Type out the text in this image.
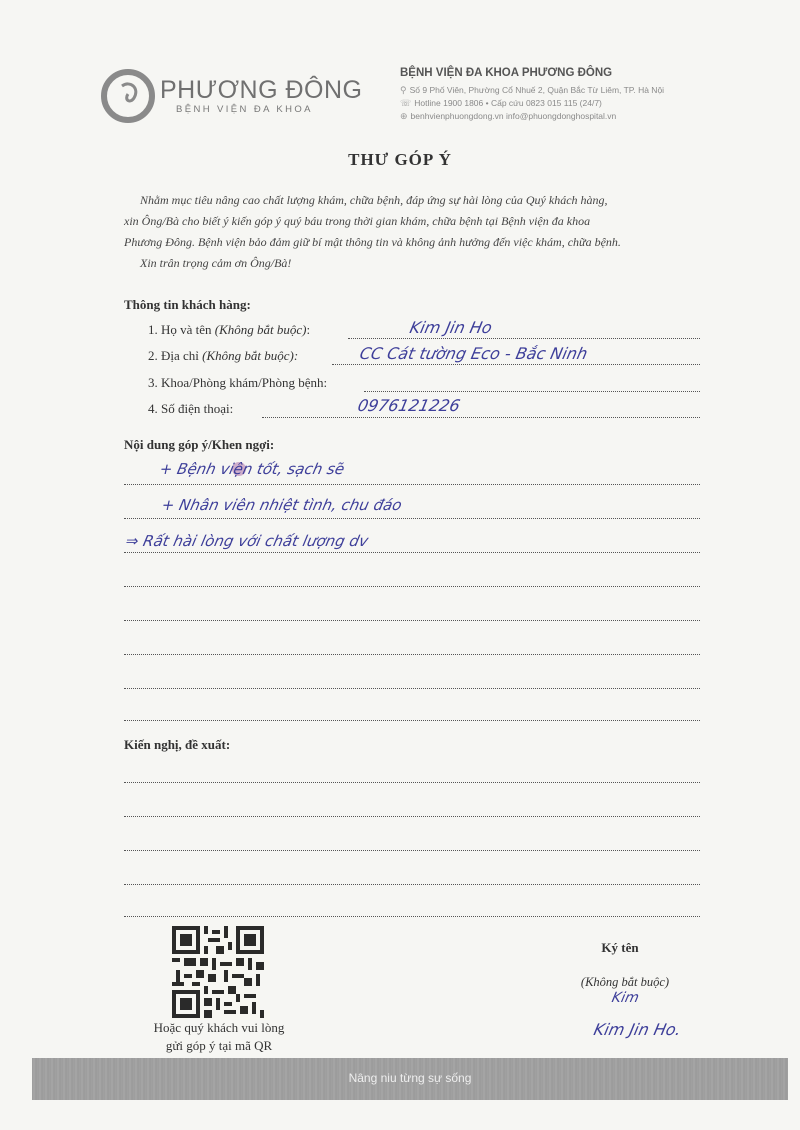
PHƯƠNG ĐÔNG
BỆNH VIỆN ĐA KHOA
BỆNH VIỆN ĐA KHOA PHƯƠNG ĐÔNG
⚲ Số 9 Phố Viên, Phường Cổ Nhuế 2, Quận Bắc Từ Liêm, TP. Hà Nội
☏ Hotline 1900 1806 • Cấp cứu 0823 015 115 (24/7)
⊕ benhvienphuongdong.vn info@phuongdonghospital.vn
THƯ GÓP Ý
Nhằm mục tiêu nâng cao chất lượng khám, chữa bệnh, đáp ứng sự hài lòng của Quý khách hàng,
xin Ông/Bà cho biết ý kiến góp ý quý báu trong thời gian khám, chữa bệnh tại Bệnh viện đa khoa
Phương Đông. Bệnh viện bảo đảm giữ bí mật thông tin và không ảnh hưởng đến việc khám, chữa bệnh.
Xin trân trọng cảm ơn Ông/Bà!
Thông tin khách hàng:
1. Họ và tên (Không bắt buộc):	Kim Jin Ho
2. Địa chỉ (Không bắt buộc):	CC Cát tường Eco - Bắc Ninh
3. Khoa/Phòng khám/Phòng bệnh:
4. Số điện thoại:	0976121226
Nội dung góp ý/Khen ngợi:
+ Bệnh viện tốt, sạch sẽ
+ Nhân viên nhiệt tình, chu đáo
⇒ Rất hài lòng với chất lượng dv
Kiến nghị, đề xuất:
Hoặc quý khách vui lòng
gửi góp ý tại mã QR
Ký tên
(Không bắt buộc)
Kim
Kim Jin Ho.
Nâng niu từng sự sống
